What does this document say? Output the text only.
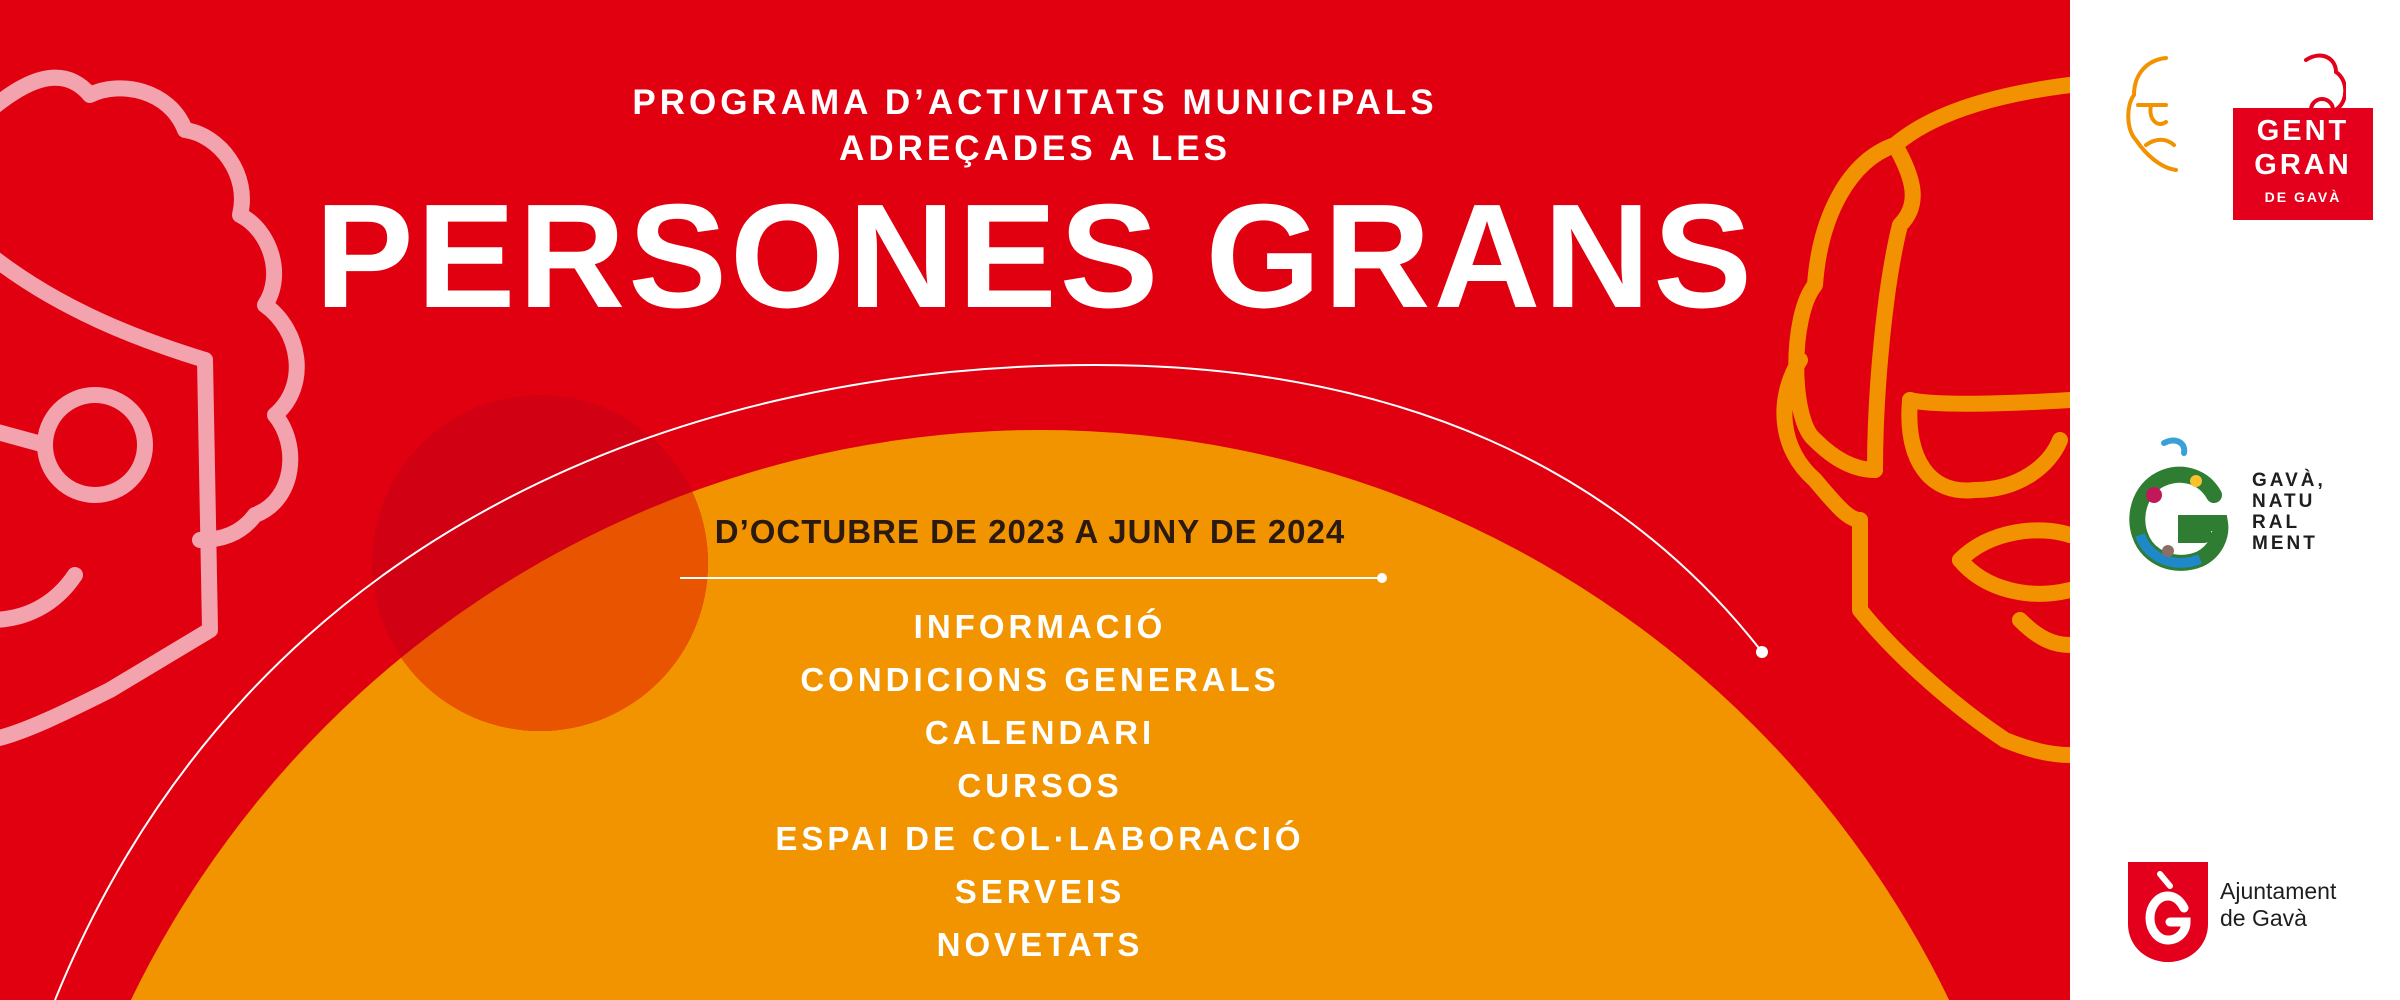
PROGRAMA D’ACTIVITATS MUNICIPALS
ADREÇADES A LES
PERSONES GRANS
D’OCTUBRE DE 2023 A JUNY DE 2024
INFORMACIÓ
CONDICIONS GENERALS
CALENDARI
CURSOS
ESPAI DE COL·LABORACIÓ
SERVEIS
NOVETATS
GENT
GRAN
DE GAVÀ
GAVÀ,
NATU
RAL
MENT
Ajuntament
de Gavà
